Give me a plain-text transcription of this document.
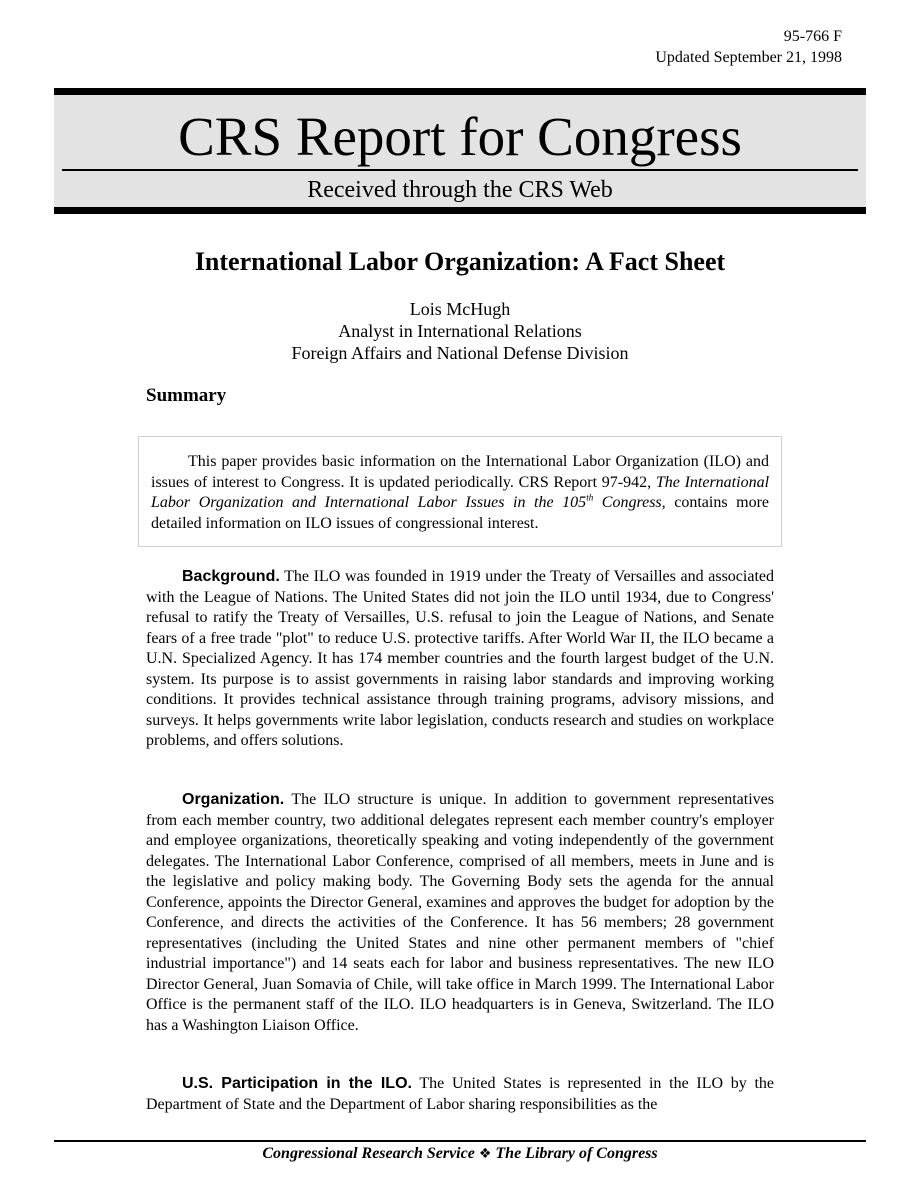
95-766 F
Updated September 21, 1998
CRS Report for Congress
Received through the CRS Web
International Labor Organization: A Fact Sheet
Lois McHugh
Analyst in International Relations
Foreign Affairs and National Defense Division
Summary

This paper provides basic information on the International Labor Organization (ILO) and issues of interest to Congress. It is updated periodically. CRS Report 97-942, The International Labor Organization and International Labor Issues in the 105th Congress, contains more detailed information on ILO issues of congressional interest.

Background. The ILO was founded in 1919 under the Treaty of Versailles and associated with the League of Nations. The United States did not join the ILO until 1934, due to Congress' refusal to ratify the Treaty of Versailles, U.S. refusal to join the League of Nations, and Senate fears of a free trade "plot" to reduce U.S. protective tariffs. After World War II, the ILO became a U.N. Specialized Agency. It has 174 member countries and the fourth largest budget of the U.N. system. Its purpose is to assist governments in raising labor standards and improving working conditions. It provides technical assistance through training programs, advisory missions, and surveys. It helps governments write labor legislation, conducts research and studies on workplace problems, and offers solutions.

Organization. The ILO structure is unique. In addition to government representatives from each member country, two additional delegates represent each member country's employer and employee organizations, theoretically speaking and voting independently of the government delegates. The International Labor Conference, comprised of all members, meets in June and is the legislative and policy making body. The Governing Body sets the agenda for the annual Conference, appoints the Director General, examines and approves the budget for adoption by the Conference, and directs the activities of the Conference. It has 56 members; 28 government representatives (including the United States and nine other permanent members of "chief industrial importance") and 14 seats each for labor and business representatives. The new ILO Director General, Juan Somavia of Chile, will take office in March 1999. The International Labor Office is the permanent staff of the ILO. ILO headquarters is in Geneva, Switzerland. The ILO has a Washington Liaison Office.

U.S. Participation in the ILO. The United States is represented in the ILO by the Department of State and the Department of Labor sharing responsibilities as the

Congressional Research Service ❖ The Library of Congress
